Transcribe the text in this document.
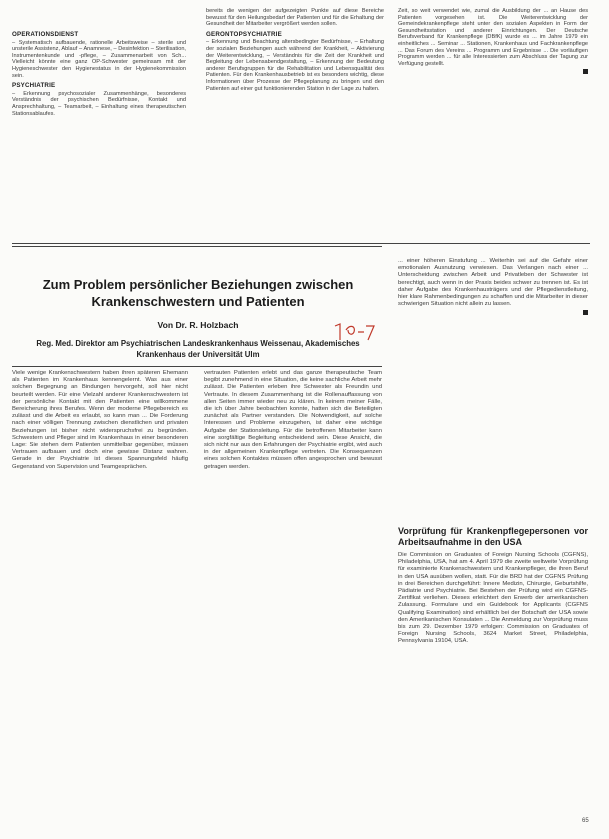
OPERATIONSDIENST

– Systematisch aufbauende, rationelle Arbeitsweise – sterile und unsterile Assistenz, Ablauf – Anamnese, – Desinfektion – Sterilisation, Instrumentenkunde und -pflege, – Zusammenarbeit von Sch... Vielleicht könnte eine ganz OP-Schwester gemeinsam mit der Hygieneschwester den Hygienestatus in der Hygienekommission sein.

PSYCHIATRIE

– Erkennung psychosozialer Zusammenhänge, besonderes Verständnis der psychischen Bedürfnisse, Kontakt und Ansprechhaltung, – Teamarbeit, – Einhaltung eines therapeutischen Stationsablaufes.

bereits die wenigen der aufgezeigten Punkte auf diese Bereiche bewusst für den Heilungsbedarf der Patienten und für die Erhaltung der Gesundheit der Mitarbeiter vergrößert werden sollen.

GERONTOPSYCHIATRIE

– Erkennung und Beachtung altersbedingter Bedürfnisse, – Erhaltung der sozialen Beziehungen auch während der Krankheit, – Aktivierung der Weiterentwicklung, – Verständnis für die Zeit der Krankheit und Begleitung der Lebensabendgestaltung, – Erkennung der Bedeutung anderer Berufsgruppen für die Rehabilitation und Lebensqualität des Patienten. Für den Krankenhausbetrieb ist es besonders wichtig, diese Informationen über Prozesse der Pflegeplanung zu bringen und den Patienten auf einer gut funktionierenden Station in der Lage zu halten.

Zeit, so weit verwendet wie, zumal die Ausbildung der ... an Hause des Patienten vorgesehen ist. Die Weiterentwicklung der Gemeindekrankenpflege steht unter den sozialen Aspekten in Form der Gesundheitsstation und anderer Einrichtungen. Der Deutsche Berufsverband für Krankenpflege (DBfK) wurde es ... im Jahre 1979 ein einheitliches ... Seminar ... Stationen, Krankenhaus und Fachkrankenpflege ... Das Forum des Vereins ... Programm und Ergebnisse ... Die vorläufigen Programm werden ... für alle Interessierten zum Abschluss der Tagung zur Verfügung gestellt.

Zum Problem persönlicher Beziehungen zwischen Krankenschwestern und Patienten
Von Dr. R. Holzbach
Reg. Med. Direktor am Psychiatrischen Landeskrankenhaus Weissenau, Akademisches Krankenhaus der Universität Ulm

Viele wenige Krankenschwestern haben ihren späteren Ehemann als Patienten im Krankenhaus kennengelernt. Was aus einer solchen Begegnung an Bindungen hervorgeht, soll hier nicht beurteilt werden. Für eine Vielzahl anderer Krankenschwestern ist der persönliche Kontakt mit den Patienten eine willkommene Bereicherung ihres Berufes. Wenn der moderne Pflegebereich es zulässt und die Arbeit es erlaubt, so kann man ... Die Forderung nach einer völligen Trennung zwischen dienstlichen und privaten Beziehungen ist bisher nicht widerspruchsfrei zu begründen. Schwestern und Pfleger sind im Krankenhaus in einer besonderen Lage: Sie stehen dem Patienten unmittelbar gegenüber, müssen Vertrauen aufbauen und doch eine gewisse Distanz wahren. Gerade in der Psychiatrie ist dieses Spannungsfeld häufig Gegenstand von Supervision und Teamgesprächen.

vertrauten Patienten erlebt und das ganze therapeutische Team begibt zunehmend in eine Situation, die keine sachliche Arbeit mehr zulässt. Die Patienten erleben ihre Schwester als Freundin und Vertraute. In diesem Zusammenhang ist die Rollenauffassung von allen Seiten immer wieder neu zu klären. In keinem meiner Fälle, die ich über Jahre beobachten konnte, hatten sich die Beteiligten zunächst als Partner verstanden. Die Notwendigkeit, auf solche Interessen und Probleme einzugehen, ist daher eine wichtige Aufgabe der Stationsleitung. Für die betroffenen Mitarbeiter kann eine sorgfältige Begleitung entscheidend sein. Diese Ansicht, die sich nicht nur aus den Erfahrungen der Psychiatrie ergibt, wird auch in der allgemeinen Krankenpflege vertreten. Die Konsequenzen eines solchen Kontaktes müssen offen angesprochen und bewusst getragen werden.

... einer höheren Einstufung ... Weiterhin sei auf die Gefahr einer emotionalen Ausnutzung verwiesen. Das Verlangen nach einer ... Unterscheidung zwischen Arbeit und Privatleben der Schwester ist berechtigt, auch wenn in der Praxis beides schwer zu trennen ist. Es ist daher Aufgabe des Krankenhausträgers und der Pflegedienstleitung, hier klare Rahmenbedingungen zu schaffen und die Mitarbeiter in dieser schwierigen Situation nicht allein zu lassen.

Vorprüfung für Krankenpflegepersonen vor Arbeitsaufnahme in den USA

Die Commission on Graduates of Foreign Nursing Schools (CGFNS), Philadelphia, USA, hat am 4. April 1979 die zweite weltweite Vorprüfung für examinierte Krankenschwestern und Krankenpfleger, die ihren Beruf in den USA ausüben wollen, statt. Für die BRD hat der CGFNS Prüfung in drei Bereichen durchgeführt: Innere Medizin, Chirurgie, Geburtshilfe, Pädiatrie und Psychiatrie. Bei Bestehen der Prüfung wird ein CGFNS-Zertifikat verliehen. Dieses erleichtert den Erwerb der amerikanischen Zulassung. Formulare und ein Guidebook for Applicants (CGFNS Qualifying Examination) sind erhältlich bei der Botschaft der USA sowie den Amerikanischen Konsulaten ... Die Anmeldung zur Vorprüfung muss bis zum 29. Dezember 1979 erfolgen: Commission on Graduates of Foreign Nursing Schools, 3624 Market Street, Philadelphia, Pennsylvania 19104, USA.

65
